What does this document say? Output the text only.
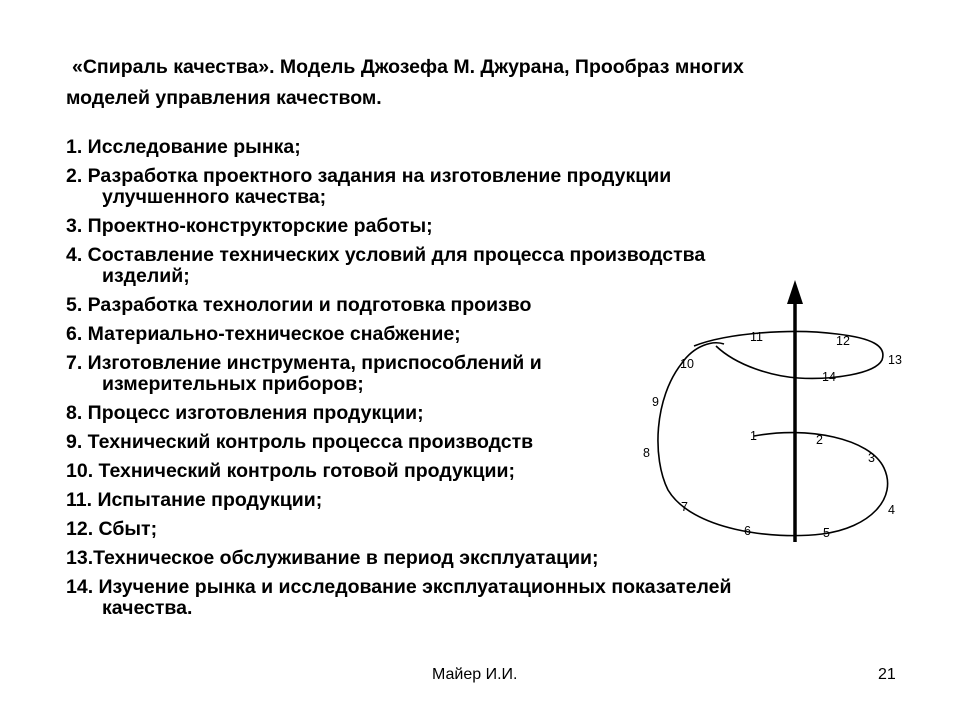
«Спираль качества». Модель Джозефа М. Джурана, Прообраз многих
моделей управления качеством.
1. Исследование рынка;
2. Разработка проектного задания на изготовление продукции
улучшенного качества;
3. Проектно-конструкторские работы;
4. Составление технических условий для процесса производства
изделий;
5. Разработка технологии и подготовка произво
6. Материально-техническое снабжение;
7. Изготовление инструмента, приспособлений и
измерительных приборов;
8. Процесс изготовления продукции;
9. Технический контроль процесса производств
10. Технический контроль готовой продукции;
11. Испытание продукции;
12. Сбыт;
13.Техническое обслуживание в период эксплуатации;
14. Изучение рынка и исследование эксплуатационных показателей
качества.
1	2
3
4
5
6
7
8
9
10
11	12
13
14
Майер И.И.	21
